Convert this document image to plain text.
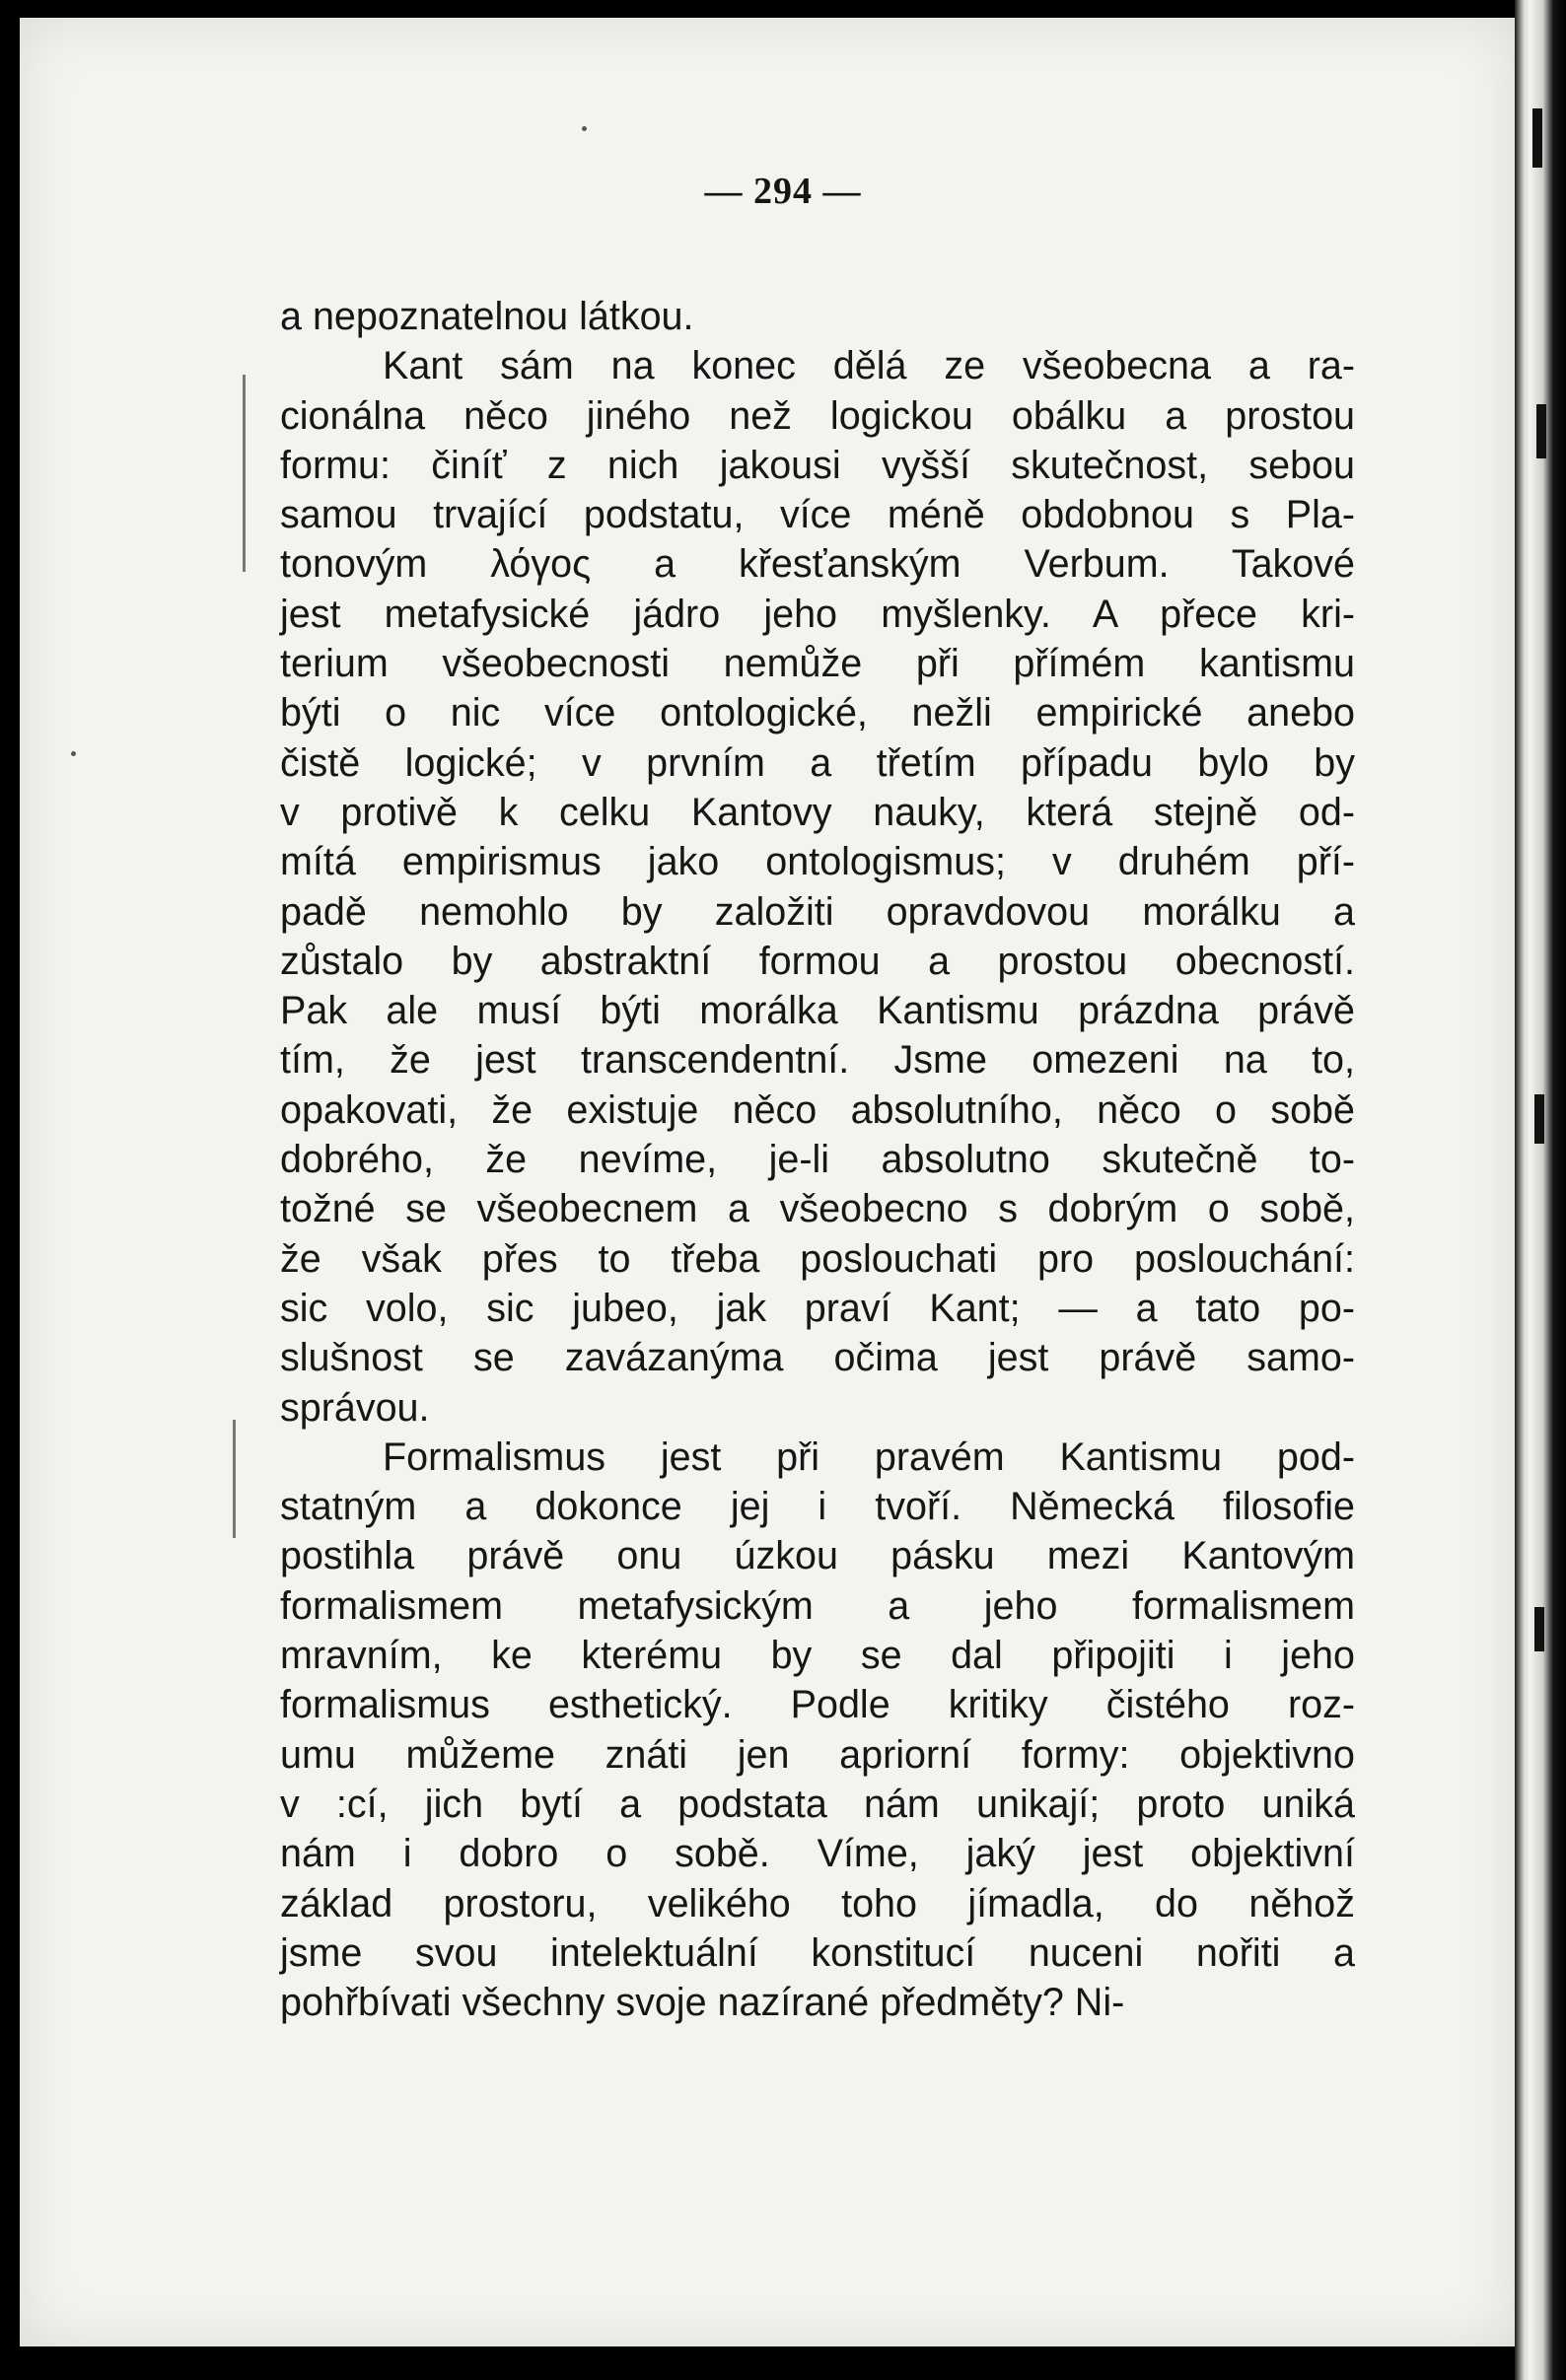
— 294 —
a nepoznatelnou látkou.
Kant sám na konec dělá ze všeobecna a ra-
cionálna něco jiného než logickou obálku a prostou
formu: činíť z nich jakousi vyšší skutečnost, sebou
samou trvající podstatu, více méně obdobnou s Pla-
tonovým λόγος a křesťanským Verbum. Takové
jest metafysické jádro jeho myšlenky. A přece kri-
terium všeobecnosti nemůže při přímém kantismu
býti o nic více ontologické, nežli empirické anebo
čistě logické; v prvním a třetím případu bylo by
v protivě k celku Kantovy nauky, která stejně od-
mítá empirismus jako ontologismus; v druhém pří-
padě nemohlo by založiti opravdovou morálku a
zůstalo by abstraktní formou a prostou obecností.
Pak ale musí býti morálka Kantismu prázdna právě
tím, že jest transcendentní. Jsme omezeni na to,
opakovati, že existuje něco absolutního, něco o sobě
dobrého, že nevíme, je-li absolutno skutečně to-
tožné se všeobecnem a všeobecno s dobrým o sobě,
že však přes to třeba poslouchati pro poslouchání:
sic volo, sic jubeo, jak praví Kant; — a tato po-
slušnost se zavázanýma očima jest právě samo-
správou.
Formalismus jest při pravém Kantismu pod-
statným a dokonce jej i tvoří. Německá filosofie
postihla právě onu úzkou pásku mezi Kantovým
formalismem metafysickým a jeho formalismem
mravním, ke kterému by se dal připojiti i jeho
formalismus esthetický. Podle kritiky čistého roz-
umu můžeme znáti jen apriorní formy: objektivno
v :cí, jich bytí a podstata nám unikají; proto uniká
nám i dobro o sobě. Víme, jaký jest objektivní
základ prostoru, velikého toho jímadla, do něhož
jsme svou intelektuální konstitucí nuceni nořiti a
pohřbívati všechny svoje nazírané předměty? Ni-
